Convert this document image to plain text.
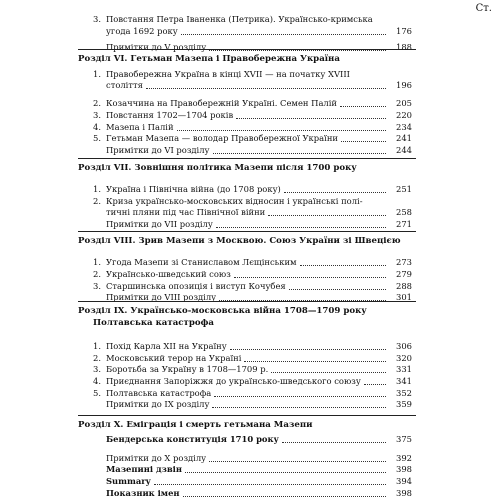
Ст.
3. Повстання Петра Іваненка (Петрика). Українсько-кримська
угода 1692 року	176
Примітки до V розділу	188
Розділ VI. Гетьман Мазепа і Правобережна Україна
1. Правобережна Україна в кінці XVII — на початку XVIII
століття	196
2. Козаччина на Правобережній Україні. Семен Палій	205
3. Повстання 1702—1704 років	220
4. Мазепа і Палій	234
5. Гетьман Мазепа — володар Правобережної України	241
Примітки до VI розділу	244
Розділ VII. Зовнішня політика Мазепи після 1700 року
1. Україна і Північна війна (до 1708 року)	251
2. Криза українсько-московських відносин і українські полі-
тичні пляни під час Північної війни	258
Примітки до VII розділу	271
Розділ VIII. Зрив Мазепи з Москвою. Союз України зі Швецією
1. Угода Мазепи зі Станиславом Лєщінським	273
2. Українсько-шведський союз	279
3. Старшинська опозиція і виступ Кочубея	288
Примітки до VIII розділу	301
Розділ IX. Українсько-московська війна 1708—1709 року
Полтавська катастрофа
1. Похід Карла XII на Україну	306
2. Московський терор на Україні	320
3. Боротьба за Україну в 1708—1709 р.	331
4. Приєднання Запоріжжя до українсько-шведського союзу	341
5. Полтавська катастрофа	352
Примітки до IX розділу	359
Розділ X. Еміграція і смерть гетьмана Мазепи
Бендерська конституція 1710 року	375
Примітки до X розділу	392
Мазепині дзвін	398
Summary	394
Показник імен	398
